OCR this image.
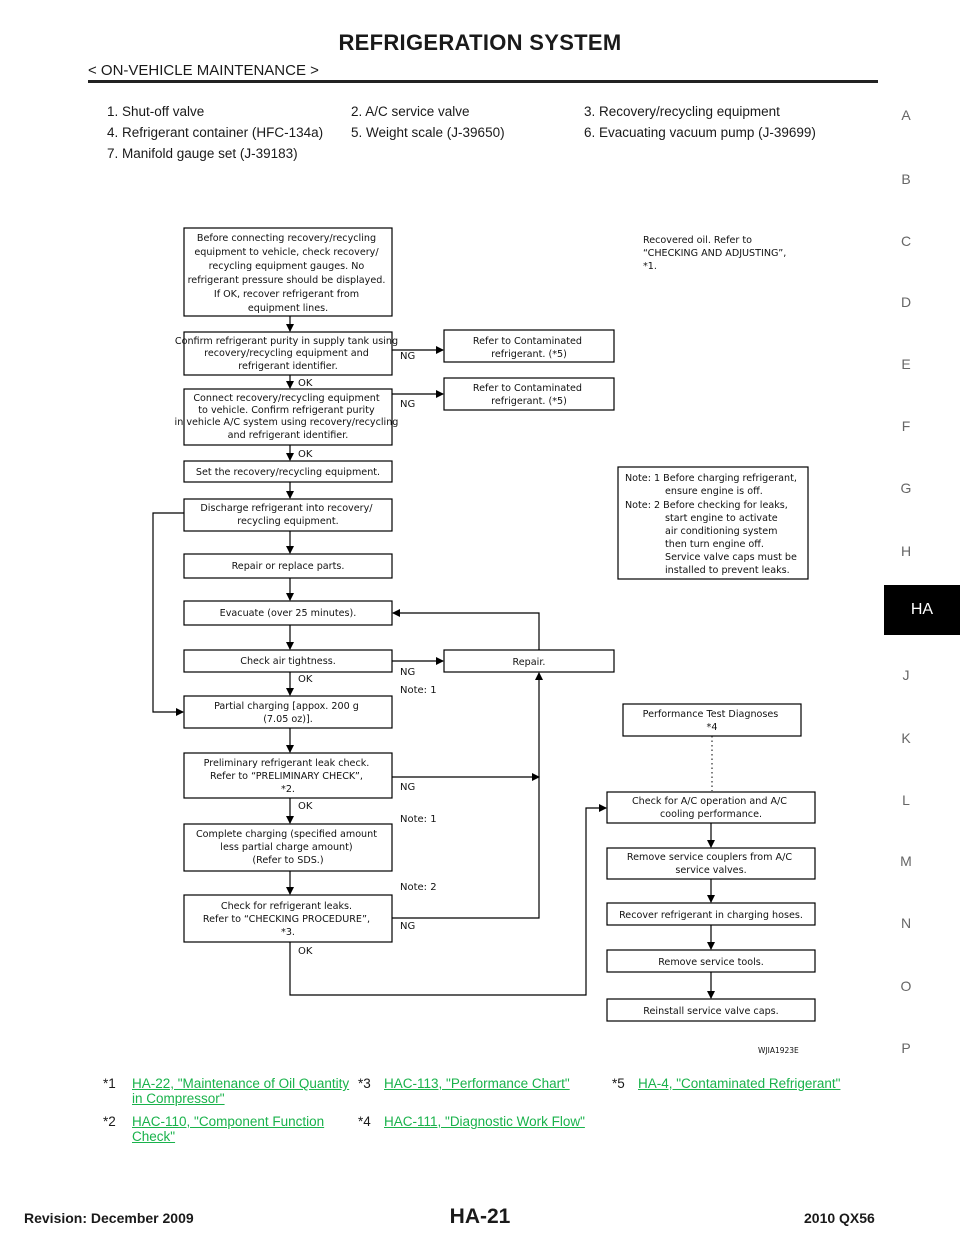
REFRIGERATION SYSTEM
< ON-VEHICLE MAINTENANCE >
1. Shut-off valve	2. A/C service valve	3. Recovery/recycling equipment
4. Refrigerant container (HFC-134a) 5. Weight scale (J-39650)	6. Evacuating vacuum pump (J-39699)
7. Manifold gauge set (J-39183)
A
B
C
D
E
F
G
H
HA
J
K
L
M
N
O
P
Before connecting recovery/recycling equipment to vehicle, check recovery/ recycling equipment gauges. No refrigerant pressure should be displayed. If OK, recover refrigerant from equipment lines.
Confirm refrigerant purity in supply tank using recovery/recycling equipment and refrigerant identifier.
Connect recovery/recycling equipment to vehicle. Confirm refrigerant purity in vehicle A/C system using recovery/recycling and refrigerant identifier.
Set the recovery/recycling equipment.
Discharge refrigerant into recovery/ recycling equipment.
Repair or replace parts.
Evacuate (over 25 minutes).
Check air tightness.
Partial charging [appox. 200 g (7.05 oz)].
Preliminary refrigerant leak check. Refer to “PRELIMINARY CHECK”, *2.
Complete charging (specified amount less partial charge amount) (Refer to SDS.)
Check for refrigerant leaks. Refer to “CHECKING PROCEDURE”, *3.
Refer to Contaminated refrigerant. (*5)
Refer to Contaminated refrigerant. (*5)
Repair.
Recovered oil. Refer to “CHECKING AND ADJUSTING”, *1.
Note: 1 Before charging refrigerant, ensure engine is off. Note: 2 Before checking for leaks, start engine to activate air conditioning system then turn engine off. Service valve caps must be installed to prevent leaks.
Performance Test Diagnoses *4
Check for A/C operation and A/C cooling performance.
Remove service couplers from A/C service valves.
Recover refrigerant in charging hoses.
Remove service tools.
Reinstall service valve caps.
OK
OK
OK
OK
OK
NG
NG
NG
NG
NG
Note: 1
Note: 1
Note: 2
WJIA1923E
*1 HA-22, "Maintenance of Oil Quantity in Compressor"
*3 HAC-113, "Performance Chart"	*5 HA-4, "Contaminated Refrigerant"
*2 HAC-110, "Component Function Check"
*4 HAC-111, "Diagnostic Work Flow"
HA-21
Revision: December 2009	2010 QX56
